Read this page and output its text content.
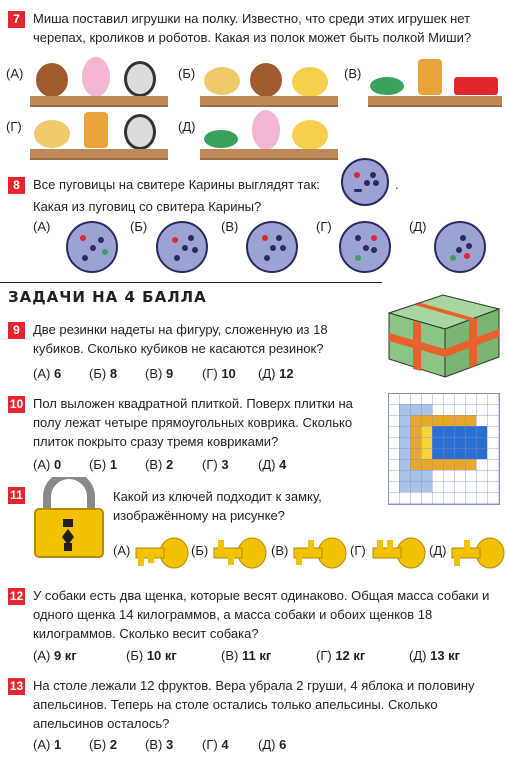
7	Миша поставил игрушки на полку. Известно, что среди этих игрушек нет черепах, кроликов и роботов. Какая из полок может быть полкой Миши?
(А)	(Б)	(В)
(Г)	(Д)
8	Все пуговицы на свитере Карины выглядят так:	.
Какая из пуговиц со свитера Карины?
(А)	(Б)	(В)	(Г)	(Д)
ЗАДАЧИ НА 4 БАЛЛА
9	Две резинки надеты на фигуру, сложенную из 18 кубиков. Сколько кубиков не касаются резинок?
(А) 6 (Б) 8 (В) 9 (Г) 10 (Д) 12
10 Пол выложен квадратной плиткой. Поверх плитки на полу лежат четыре прямоугольных коврика. Сколько плиток покрыто сразу тремя ковриками?
(А) 0 (Б) 1 (В) 2 (Г) 3 (Д) 4
11	Какой из ключей подходит к замку, изображённому на рисунке?
(А)	(Б)	(В)	(Г)	(Д)
12 У собаки есть два щенка, которые весят одинаково. Общая масса собаки и одного щенка 14 килограммов, а масса собаки и обоих щенков 18 килограммов. Сколько весит собака?
(А) 9 кг	(Б) 10 кг	(В) 11 кг	(Г) 12 кг	(Д) 13 кг
13 На столе лежали 12 фруктов. Вера убрала 2 груши, 4 яблока и половину апельсинов. Теперь на столе остались только апельсины. Сколько апельсинов осталось?
(А) 1 (Б) 2 (В) 3 (Г) 4 (Д) 6
